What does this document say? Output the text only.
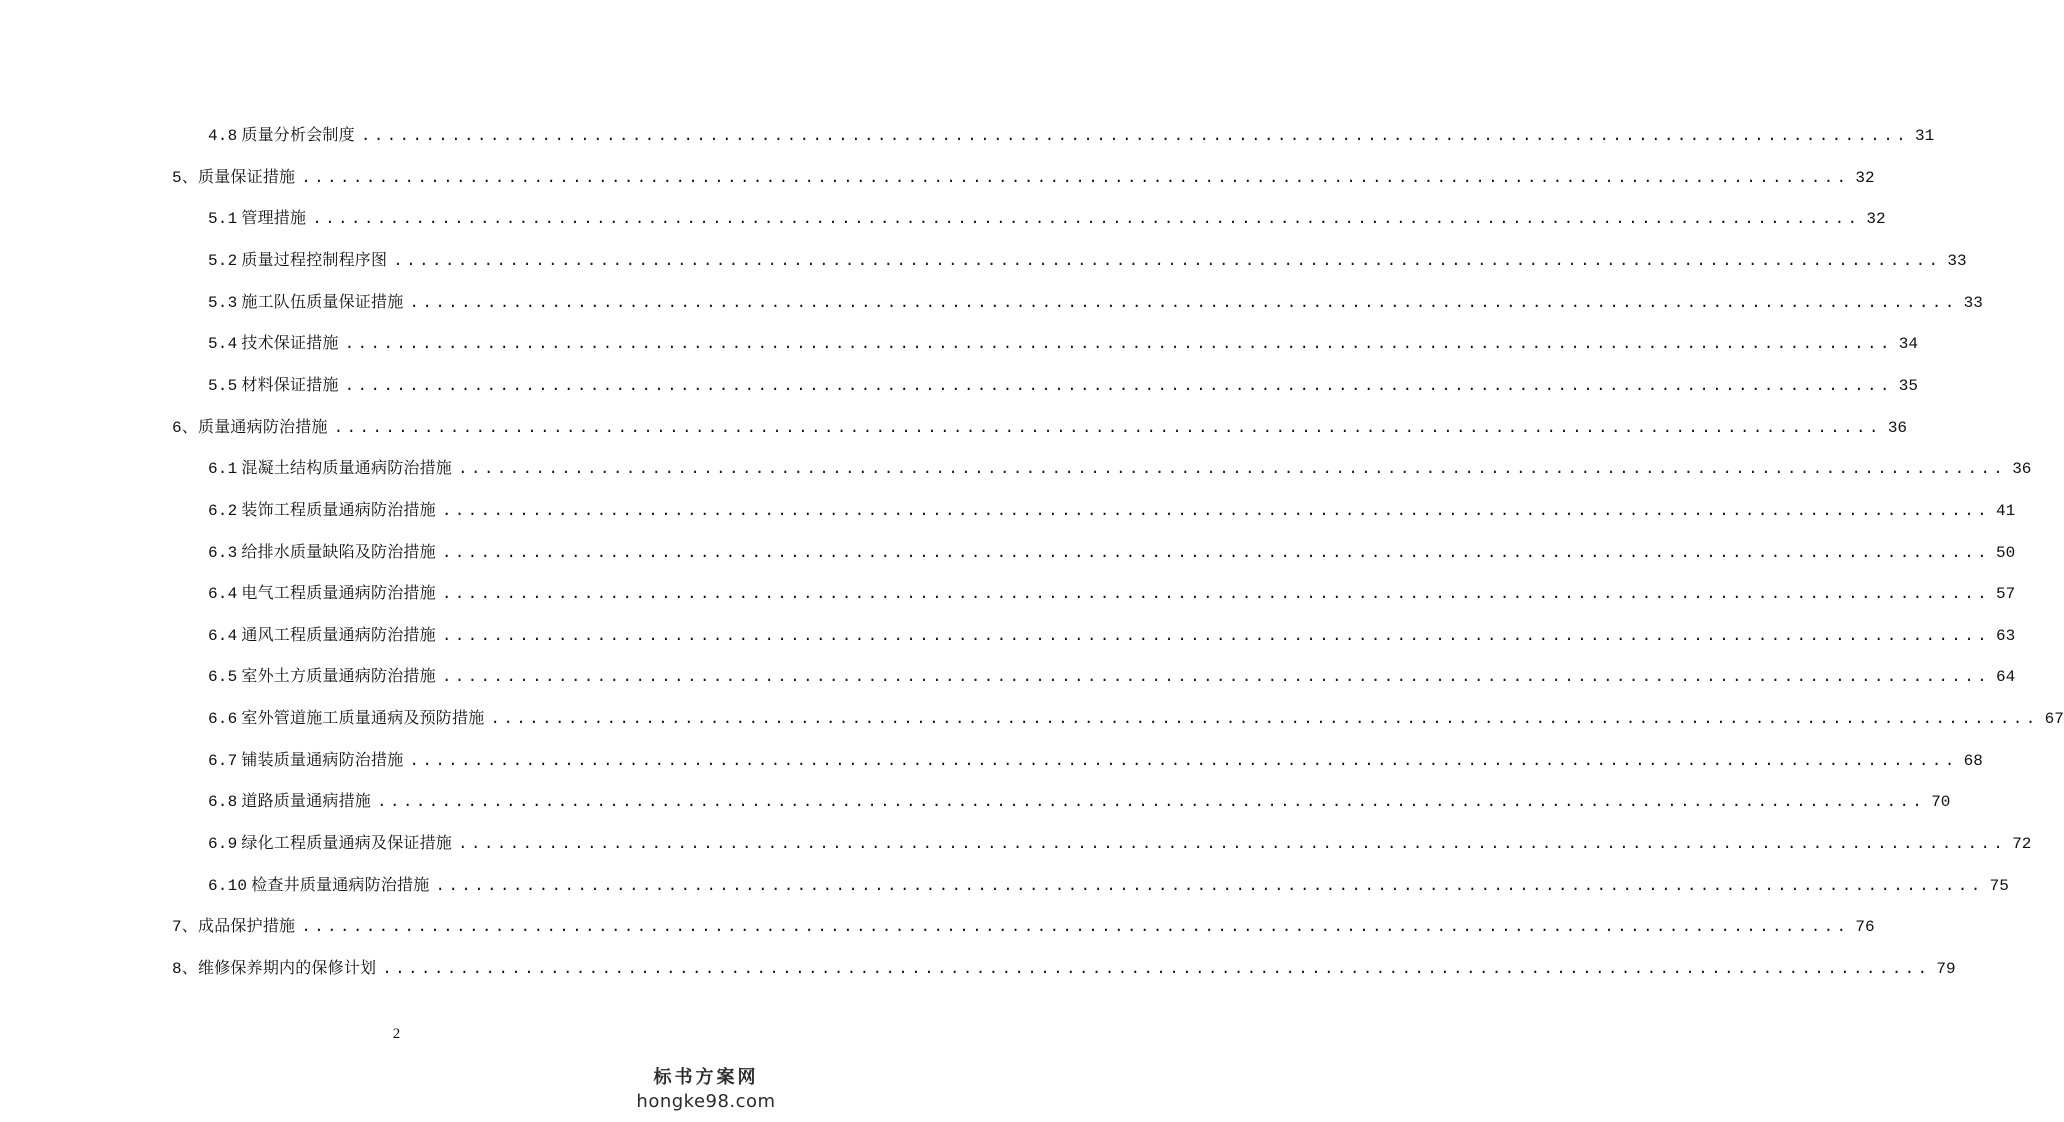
4.8 质量分析会制度 ........................................................................................................................ 31
5、质量保证措施 ........................................................................................................................ 32
5.1 管理措施 ........................................................................................................................ 32
5.2 质量过程控制程序图 ........................................................................................................................ 33
5.3 施工队伍质量保证措施 ........................................................................................................................ 33
5.4 技术保证措施 ........................................................................................................................ 34
5.5 材料保证措施 ........................................................................................................................ 35
6、质量通病防治措施 ........................................................................................................................ 36
6.1 混凝土结构质量通病防治措施 ........................................................................................................................ 36
6.2 装饰工程质量通病防治措施 ........................................................................................................................ 41
6.3 给排水质量缺陷及防治措施 ........................................................................................................................ 50
6.4 电气工程质量通病防治措施 ........................................................................................................................ 57
6.4 通风工程质量通病防治措施 ........................................................................................................................ 63
6.5 室外土方质量通病防治措施 ........................................................................................................................ 64
6.6 室外管道施工质量通病及预防措施 ........................................................................................................................ 67
6.7 铺装质量通病防治措施 ........................................................................................................................ 68
6.8 道路质量通病措施 ........................................................................................................................ 70
6.9 绿化工程质量通病及保证措施 ........................................................................................................................ 72
6.10 检查井质量通病防治措施 ........................................................................................................................ 75
7、成品保护措施 ........................................................................................................................ 76
8、维修保养期内的保修计划 ........................................................................................................................ 79
2
标书方案网
hongke98.com
